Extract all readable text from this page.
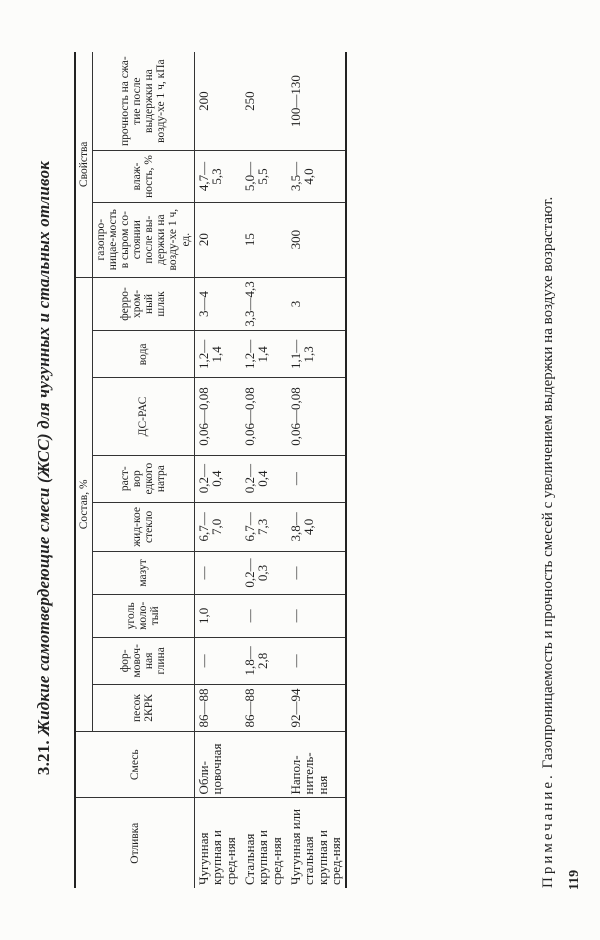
3.21. Жидкие самотвердеющие смеси (ЖСС) для чугунных и стальных отливок
Отливка	Смесь	Состав, %									Свойства		
		песок 2КРК	фор-мовоч-ная глина	уголь моло-тый	мазут	жид-кое стекло	раст-вор едкого натра	ДС-РАС	вода	ферро-хром-ный шлак	газопро-ницае-мость в сыром со-стоянии после вы-держки на возду-хе 1 ч, ед.	влаж-ность, %	прочность на сжа-тие после выдержки на возду-хе 1 ч, кПа
Чугунная крупная и сред-няя	Обли-цовочная	86—88	—	1,0	—	6,7—7,0	0,2—0,4	0,06—0,08	1,2—1,4	3—4	20	4,7—5,3	200
Стальная крупная и сред-няя		86—88	1,8—2,8	—	0,2—0,3	6,7—7,3	0,2—0,4	0,06—0,08	1,2—1,4	3,3—4,3	15	5,0—5,5	250
Чугунная или стальная крупная и сред-няя	Напол-нитель-ная	92—94	—	—	—	3,8—4,0	—	0,06—0,08	1,1—1,3	3	300	3,5—4,0	100—130
Примечание. Газопроницаемость и прочность смесей с увеличением выдержки на воздухе возрастают.
119
